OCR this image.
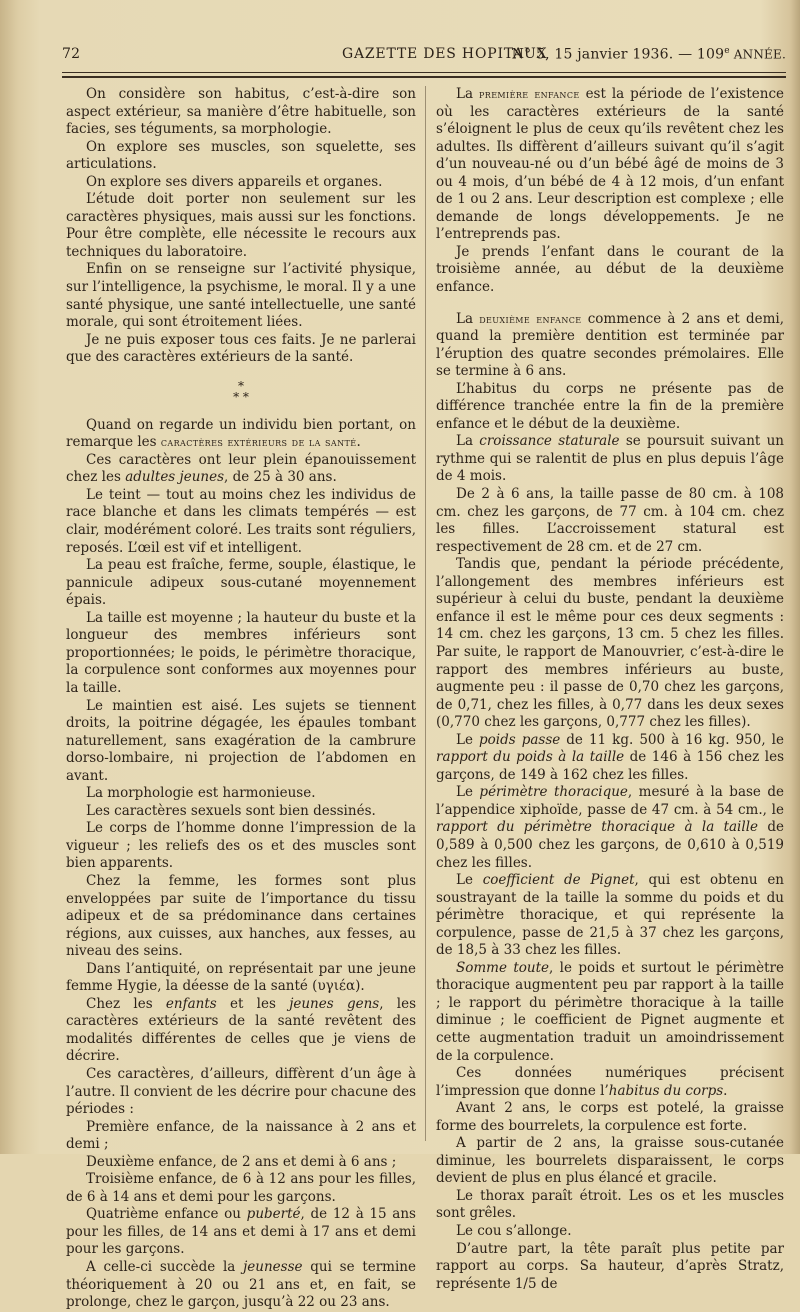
72	GAZETTE DES HOPITAUX
N° 5, 15 janvier 1936. — 109e ANNÉE.

On considère son habitus, c’est-à-dire son aspect extérieur, sa manière d’être habituelle, son facies, ses téguments, sa morphologie.

On explore ses muscles, son squelette, ses articulations.

On explore ses divers appareils et organes.

L’étude doit porter non seulement sur les caractères physiques, mais aussi sur les fonctions. Pour être complète, elle nécessite le recours aux techniques du laboratoire.

Enfin on se renseigne sur l’activité physique, sur l’intelligence, la psychisme, le moral. Il y a une santé physique, une santé intellectuelle, une santé morale, qui sont étroitement liées.

Je ne puis exposer tous ces faits. Je ne parlerai que des caractères extérieurs de la santé.

*
* *

Quand on regarde un individu bien portant, on remarque les caractères extérieurs de la santé.

Ces caractères ont leur plein épanouissement chez les adultes jeunes, de 25 à 30 ans.

Le teint — tout au moins chez les individus de race blanche et dans les climats tempérés — est clair, modérément coloré. Les traits sont réguliers, reposés. L’œil est vif et intelligent.

La peau est fraîche, ferme, souple, élastique, le pannicule adipeux sous-cutané moyennement épais.

La taille est moyenne ; la hauteur du buste et la longueur des membres inférieurs sont proportionnées; le poids, le périmètre thoracique, la corpulence sont conformes aux moyennes pour la taille.

Le maintien est aisé. Les sujets se tiennent droits, la poitrine dégagée, les épaules tombant naturellement, sans exagération de la cambrure dorso-lombaire, ni projection de l’abdomen en avant.

La morphologie est harmonieuse.

Les caractères sexuels sont bien dessinés.

Le corps de l’homme donne l’impression de la vigueur ; les reliefs des os et des muscles sont bien apparents.

Chez la femme, les formes sont plus enveloppées par suite de l’importance du tissu adipeux et de sa prédominance dans certaines régions, aux cuisses, aux hanches, aux fesses, au niveau des seins.

Dans l’antiquité, on représentait par une jeune femme Hygie, la déesse de la santé (υγιέα).

Chez les enfants et les jeunes gens, les caractères extérieurs de la santé revêtent des modalités différentes de celles que je viens de décrire.

Ces caractères, d’ailleurs, diffèrent d’un âge à l’autre. Il convient de les décrire pour chacune des périodes :

Première enfance, de la naissance à 2 ans et demi ;

Deuxième enfance, de 2 ans et demi à 6 ans ;

Troisième enfance, de 6 à 12 ans pour les filles, de 6 à 14 ans et demi pour les garçons.

Quatrième enfance ou puberté, de 12 à 15 ans pour les filles, de 14 ans et demi à 17 ans et demi pour les garçons.

A celle-ci succède la jeunesse qui se termine théoriquement à 20 ou 21 ans et, en fait, se prolonge, chez le garçon, jusqu’à 22 ou 23 ans.

La première enfance est la période de l’existence où les caractères extérieurs de la santé s’éloignent le plus de ceux qu’ils revêtent chez les adultes. Ils diffèrent d’ailleurs suivant qu’il s’agit d’un nouveau-né ou d’un bébé âgé de moins de 3 ou 4 mois, d’un bébé de 4 à 12 mois, d’un enfant de 1 ou 2 ans. Leur description est complexe ; elle demande de longs développements. Je ne l’entreprends pas.

Je prends l’enfant dans le courant de la troisième année, au début de la deuxième enfance.

La deuxième enfance commence à 2 ans et demi, quand la première dentition est terminée par l’éruption des quatre secondes prémolaires. Elle se termine à 6 ans.

L’habitus du corps ne présente pas de différence tranchée entre la fin de la première enfance et le début de la deuxième.

La croissance staturale se poursuit suivant un rythme qui se ralentit de plus en plus depuis l’âge de 4 mois.

De 2 à 6 ans, la taille passe de 80 cm. à 108 cm. chez les garçons, de 77 cm. à 104 cm. chez les filles. L’accroissement statural est respectivement de 28 cm. et de 27 cm.

Tandis que, pendant la période précédente, l’allongement des membres inférieurs est supérieur à celui du buste, pendant la deuxième enfance il est le même pour ces deux segments : 14 cm. chez les garçons, 13 cm. 5 chez les filles. Par suite, le rapport de Manouvrier, c’est-à-dire le rapport des membres inférieurs au buste, augmente peu : il passe de 0,70 chez les garçons, de 0,71, chez les filles, à 0,77 dans les deux sexes (0,770 chez les garçons, 0,777 chez les filles).

Le poids passe de 11 kg. 500 à 16 kg. 950, le rapport du poids à la taille de 146 à 156 chez les garçons, de 149 à 162 chez les filles.

Le périmètre thoracique, mesuré à la base de l’appendice xiphoïde, passe de 47 cm. à 54 cm., le rapport du périmètre thoracique à la taille de 0,589 à 0,500 chez les garçons, de 0,610 à 0,519 chez les filles.

Le coefficient de Pignet, qui est obtenu en soustrayant de la taille la somme du poids et du périmètre thoracique, et qui représente la corpulence, passe de 21,5 à 37 chez les garçons, de 18,5 à 33 chez les filles.

Somme toute, le poids et surtout le périmètre thoracique augmentent peu par rapport à la taille ; le rapport du périmètre thoracique à la taille diminue ; le coefficient de Pignet augmente et cette augmentation traduit un amoindrissement de la corpulence.

Ces données numériques précisent l’impression que donne l’habitus du corps.

Avant 2 ans, le corps est potelé, la graisse forme des bourrelets, la corpulence est forte.

A partir de 2 ans, la graisse sous-cutanée diminue, les bourrelets disparaissent, le corps devient de plus en plus élancé et gracile.

Le thorax paraît étroit. Les os et les muscles sont grêles.

Le cou s’allonge.

D’autre part, la tête paraît plus petite par rapport au corps. Sa hauteur, d’après Stratz, représente 1/5 de
